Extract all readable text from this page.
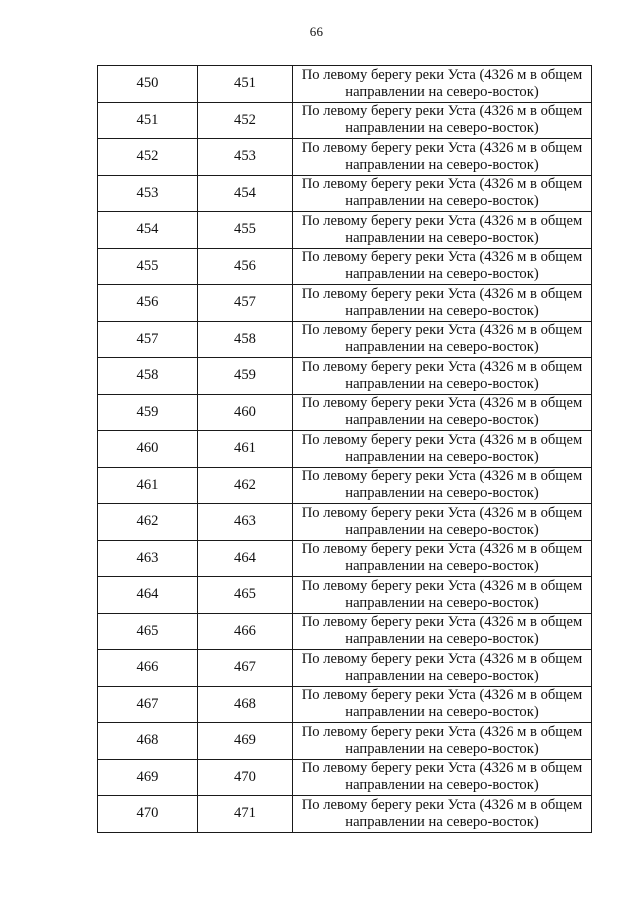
66
450	451	По левому берегу реки Уста (4326 м в общем
направлении на северо-восток)

451	452	По левому берегу реки Уста (4326 м в общем
направлении на северо-восток)

452	453	По левому берегу реки Уста (4326 м в общем
направлении на северо-восток)

453	454	По левому берегу реки Уста (4326 м в общем
направлении на северо-восток)

454	455	По левому берегу реки Уста (4326 м в общем
направлении на северо-восток)

455	456	По левому берегу реки Уста (4326 м в общем
направлении на северо-восток)

456	457	По левому берегу реки Уста (4326 м в общем
направлении на северо-восток)

457	458	По левому берегу реки Уста (4326 м в общем
направлении на северо-восток)

458	459	По левому берегу реки Уста (4326 м в общем
направлении на северо-восток)

459	460	По левому берегу реки Уста (4326 м в общем
направлении на северо-восток)

460	461	По левому берегу реки Уста (4326 м в общем
направлении на северо-восток)

461	462	По левому берегу реки Уста (4326 м в общем
направлении на северо-восток)

462	463	По левому берегу реки Уста (4326 м в общем
направлении на северо-восток)

463	464	По левому берегу реки Уста (4326 м в общем
направлении на северо-восток)

464	465	По левому берегу реки Уста (4326 м в общем
направлении на северо-восток)

465	466	По левому берегу реки Уста (4326 м в общем
направлении на северо-восток)

466	467	По левому берегу реки Уста (4326 м в общем
направлении на северо-восток)

467	468	По левому берегу реки Уста (4326 м в общем
направлении на северо-восток)

468	469	По левому берегу реки Уста (4326 м в общем
направлении на северо-восток)

469	470	По левому берегу реки Уста (4326 м в общем
направлении на северо-восток)

470	471	По левому берегу реки Уста (4326 м в общем
направлении на северо-восток)
